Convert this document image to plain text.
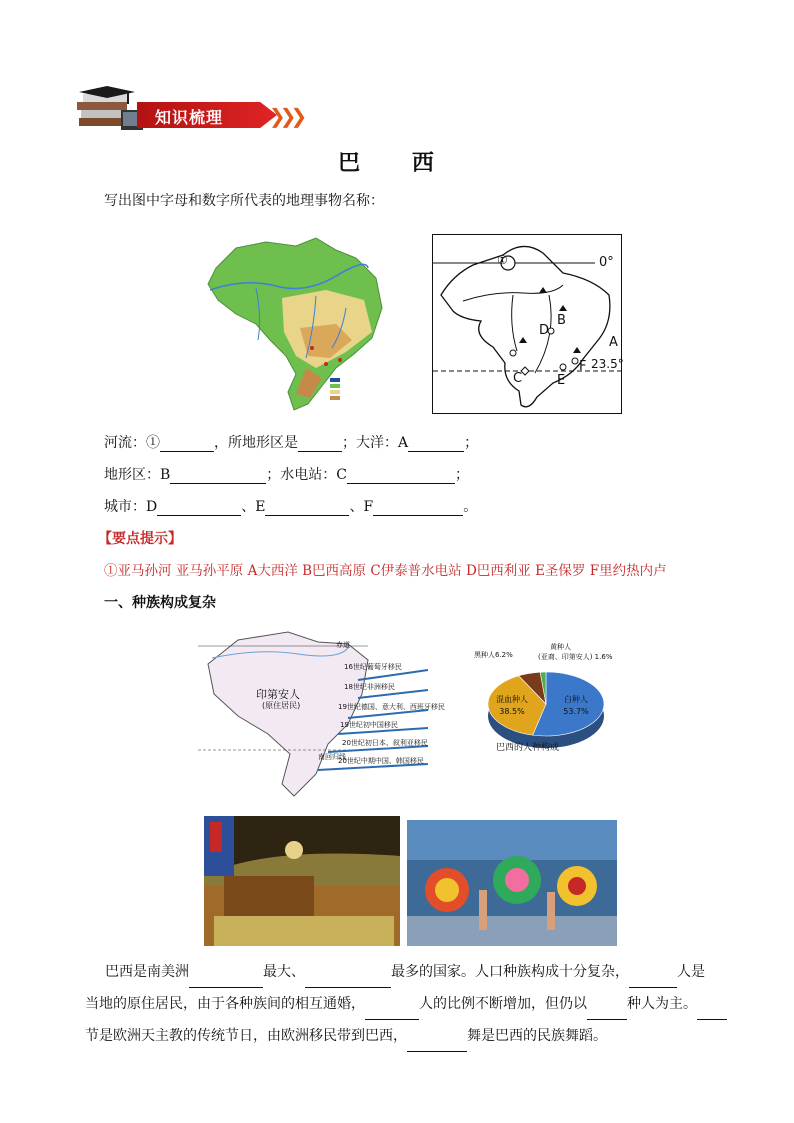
知识梳理 ❯❯❯
巴 西
写出图中字母和数字所代表的地理事物名称：
①	0°
23.5°
A
B
C
D
E
F
河流：①	，所地形区是	；大洋：A	；
地形区：B	；水电站：C	；
城市：D	、E	、F	。
【要点提示】
①亚马孙河 亚马孙平原 A大西洋 B巴西高原 C伊泰普水电站 D巴西利亚 E圣保罗 F里约热内卢
一、种族构成复杂
赤道
南回归线
印第安人
(原住居民)
16世纪葡萄牙移民
18世纪非洲移民
19世纪德国、意大利、西班牙移民
19世纪初中国移民
20世纪初日本、叙利亚移民
20世纪中期中国、韩国移民
白种人
53.7%
混血种人
38.5%
黑种人6.2%
黄种人
(亚裔、印第安人) 1.6%
巴西的人种构成
巴西是南美洲	最大、	最多的国家。人口种族构成十分复杂，	人是
当地的原住居民，由于各种族间的相互通婚，	人的比例不断增加，但仍以	种人为主。
节是欧洲天主教的传统节日，由欧洲移民带到巴西，	舞是巴西的民族舞蹈。
